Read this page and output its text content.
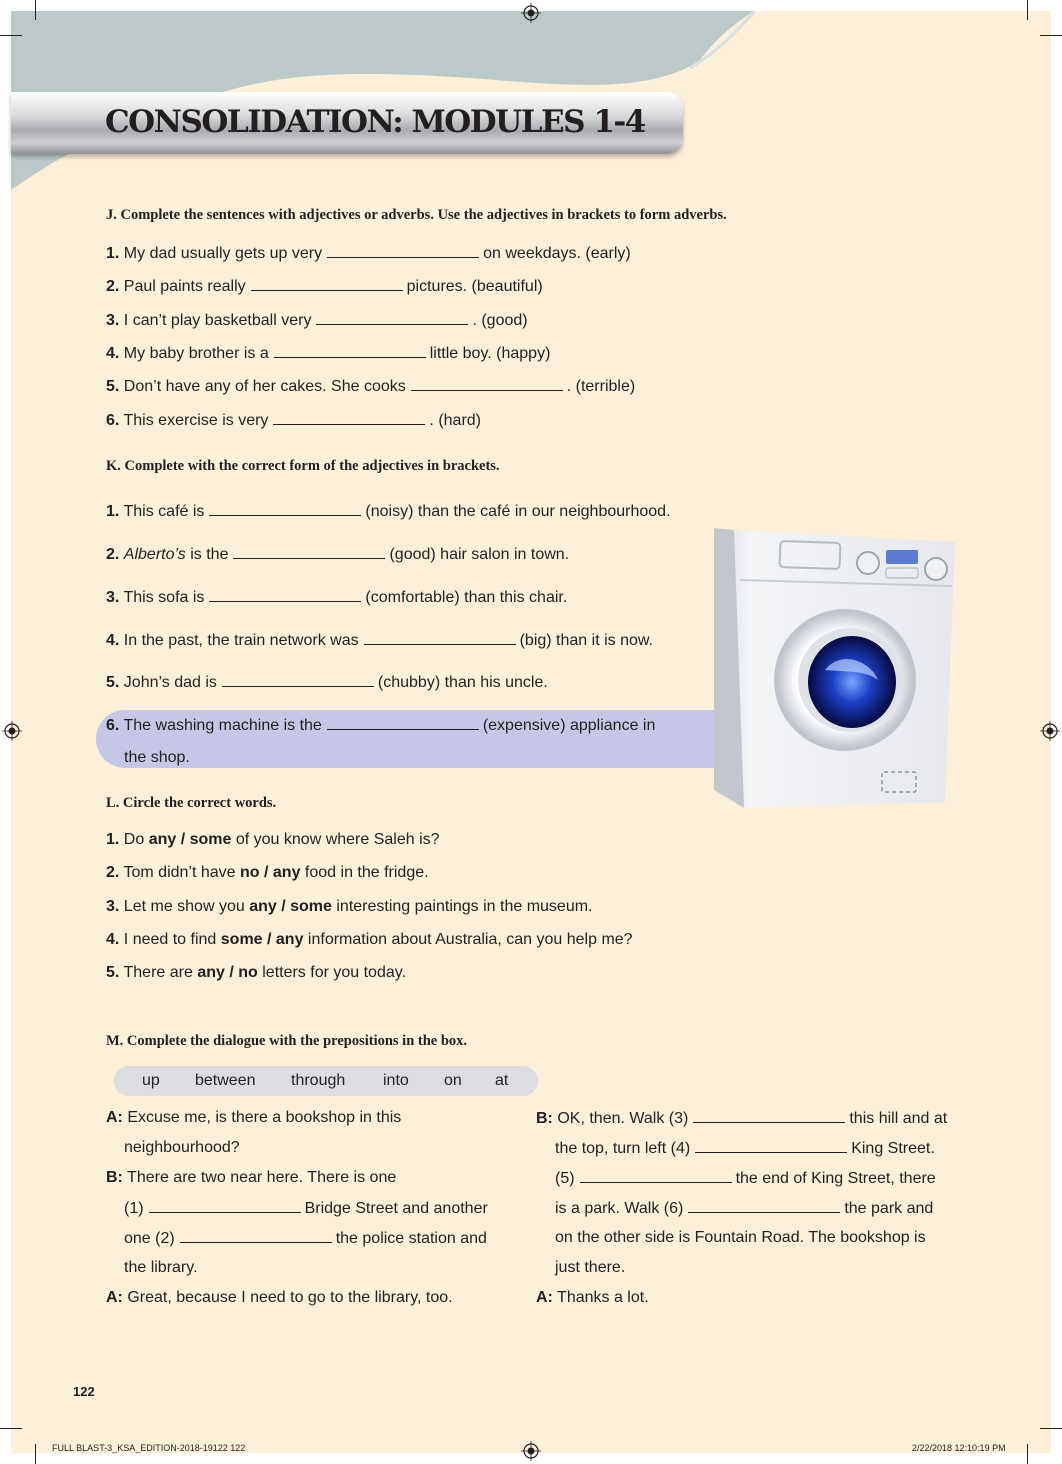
CONSOLIDATION: MODULES 1-4

J. Complete the sentences with adjectives or adverbs. Use the adjectives in brackets to form adverbs.

1. My dad usually gets up very	on weekdays. (early)
2. Paul paints really	pictures. (beautiful)
3. I can’t play basketball very	. (good)
4. My baby brother is a	little boy. (happy)
5. Don’t have any of her cakes. She cooks	. (terrible)
6. This exercise is very	. (hard)

K. Complete with the correct form of the adjectives in brackets.

1. This café is	(noisy) than the café in our neighbourhood.
2. Alberto’s is the	(good) hair salon in town.
3. This sofa is	(comfortable) than this chair.
4. In the past, the train network was	(big) than it is now.
5. John’s dad is	(chubby) than his uncle.
6. The washing machine is the	(expensive) appliance in
the shop.

L. Circle the correct words.

1. Do any / some of you know where Saleh is?
2. Tom didn’t have no / any food in the fridge.
3. Let me show you any / some interesting paintings in the museum.
4. I need to find some / any information about Australia, can you help me?
5. There are any / no letters for you today.

M. Complete the dialogue with the prepositions in the box.

up between through into on at
A: Excuse me, is there a bookshop in this
neighbourhood?
B: There are two near here. There is one
(1)	Bridge Street and another
one (2)	the police station and
the library.
A: Great, because I need to go to the library, too.
B: OK, then. Walk (3)	this hill and at
the top, turn left (4)	King Street.
(5)	the end of King Street, there
is a park. Walk (6)	the park and
on the other side is Fountain Road. The bookshop is
just there.
A: Thanks a lot.
122
FULL BLAST-3_KSA_EDITION-2018-19122 122	2/22/2018 12:10:19 PM
